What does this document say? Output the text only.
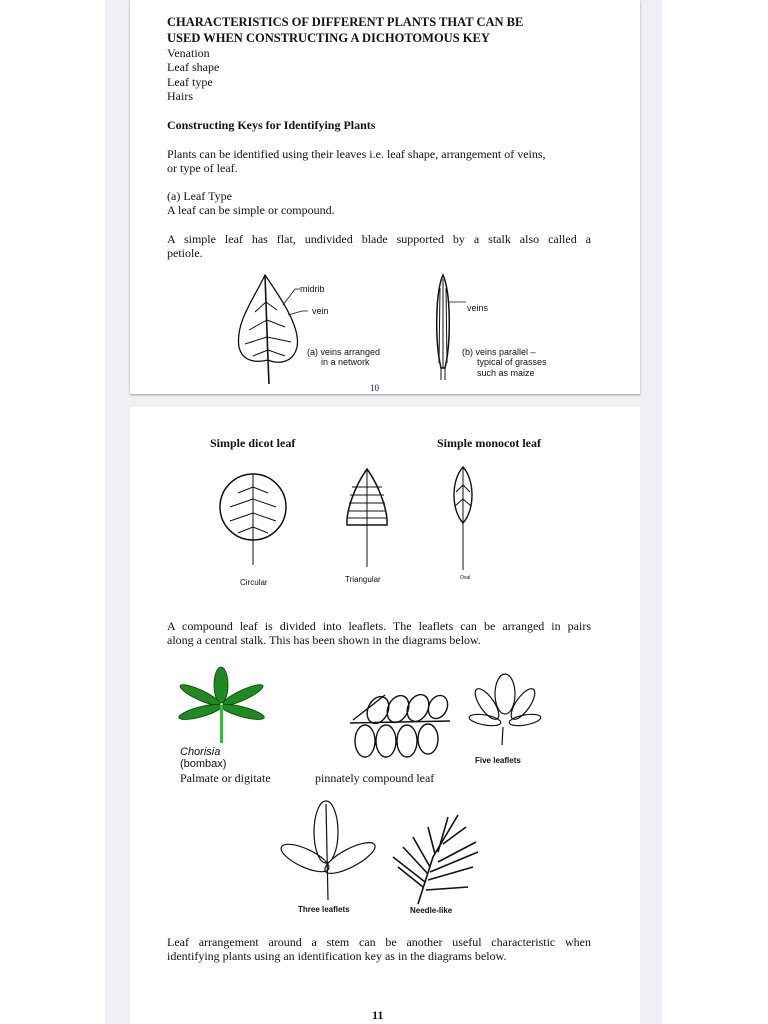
CHARACTERISTICS OF DIFFERENT PLANTS THAT CAN BE
USED WHEN CONSTRUCTING A DICHOTOMOUS KEY
Venation
Leaf shape
Leaf type
Hairs
Constructing Keys for Identifying Plants
Plants can be identified using their leaves i.e. leaf shape, arrangement of veins,
or type of leaf.
(a) Leaf Type
A leaf can be simple or compound.
A simple leaf has flat, undivided blade supported by a stalk also called a
petiole.
midrib
vein
(a) veins arranged
in a network
veins
(b) veins parallel –
typical of grasses
such as maize
10
Simple dicot leaf	Simple monocot leaf
Circular	Triangular	Oval
A compound leaf is divided into leaflets. The leaflets can be arranged in pairs
along a central stalk. This has been shown in the diagrams below.
Chorisia
(bombax)
Palmate or digitate	pinnately compound leaf
Five leaflets
Three leaflets	Needle-like
Leaf arrangement around a stem can be another useful characteristic when
identifying plants using an identification key as in the diagrams below.
11
